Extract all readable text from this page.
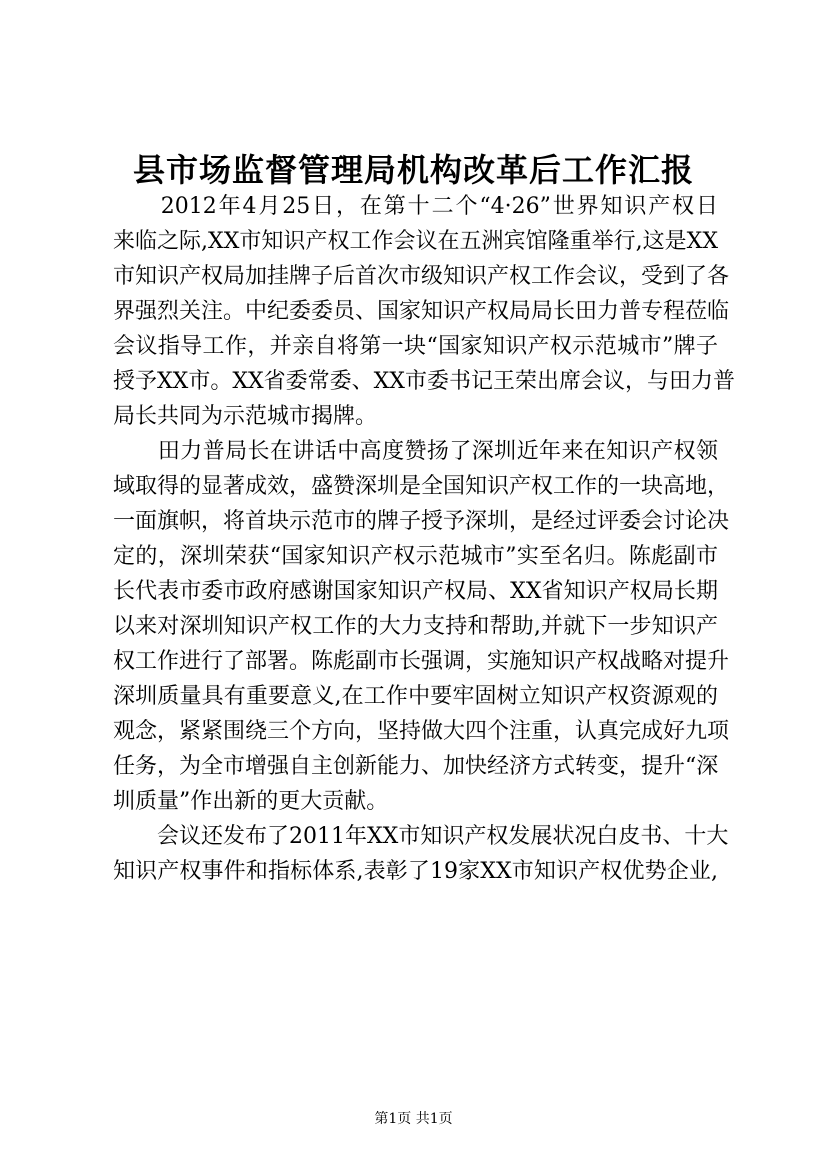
县市场监督管理局机构改革后工作汇报
　　2012年4月25日，在第十二个“4·26”世界知识产权日
来临之际,XX市知识产权工作会议在五洲宾馆隆重举行,这是XX
市知识产权局加挂牌子后首次市级知识产权工作会议，受到了各
界强烈关注。中纪委委员、国家知识产权局局长田力普专程莅临
会议指导工作，并亲自将第一块“国家知识产权示范城市”牌子
授予XX市。XX省委常委、XX市委书记王荣出席会议，与田力普
局长共同为示范城市揭牌。
　　田力普局长在讲话中高度赞扬了深圳近年来在知识产权领
域取得的显著成效，盛赞深圳是全国知识产权工作的一块高地，
一面旗帜，将首块示范市的牌子授予深圳，是经过评委会讨论决
定的，深圳荣获“国家知识产权示范城市”实至名归。陈彪副市
长代表市委市政府感谢国家知识产权局、XX省知识产权局长期
以来对深圳知识产权工作的大力支持和帮助,并就下一步知识产
权工作进行了部署。陈彪副市长强调，实施知识产权战略对提升
深圳质量具有重要意义,在工作中要牢固树立知识产权资源观的
观念，紧紧围绕三个方向，坚持做大四个注重，认真完成好九项
任务，为全市增强自主创新能力、加快经济方式转变，提升“深
圳质量”作出新的更大贡献。
　　会议还发布了2011年XX市知识产权发展状况白皮书、十大
知识产权事件和指标体系,表彰了19家XX市知识产权优势企业,
第1页 共1页
